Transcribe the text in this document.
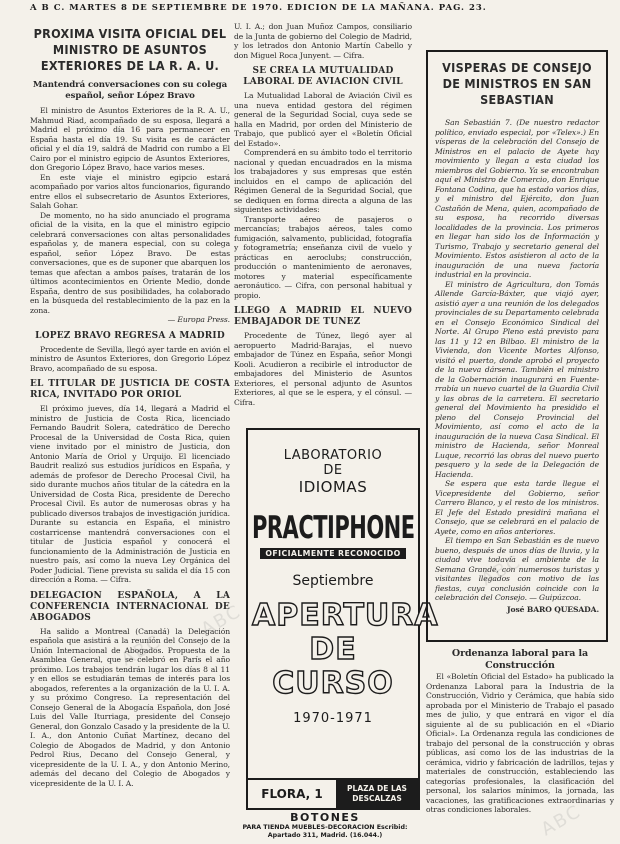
A B C. MARTES 8 DE SEPTIEMBRE DE 1970. EDICION DE LA MAÑANA. PAG. 23.
PROXIMA VISITA OFICIAL DEL MINISTRO DE ASUNTOS EXTERIORES DE LA R. A. U.
Mantendrá conversaciones con su colega español, señor López Bravo

El ministro de Asuntos Exteriores de la R. A. U., Mahmud Riad, acompañado de su esposa, llegará a Madrid el próximo día 16 para permanecer en España hasta el día 19. Su visita es de carácter oficial y el día 19, saldrá de Madrid con rumbo a El Cairo por el ministro egipcio de Asuntos Exteriores, don Gregorio López Bravo, hace varios meses.

En este viaje el ministro egipcio estará acompañado por varios altos funcionarios, figurando entre ellos el subsecretario de Asuntos Exteriores, Salah Gohar.

De momento, no ha sido anunciado el programa oficial de la visita, en la que el ministro egipcio celebrará conversaciones con altas personalidades españolas y, de manera especial, con su colega español, señor López Bravo. De estas conversaciones, que es de suponer que abarquen los temas que afectan a ambos países, tratarán de los últimos acontecimientos en Oriente Medio, donde España, dentro de sus posibilidades, ha colaborado en la búsqueda del restablecimiento de la paz en la zona.

— Europa Press.
LOPEZ BRAVO REGRESA A MADRID

Procedente de Sevilla, llegó ayer tarde en avión el ministro de Asuntos Exteriores, don Gregorio López Bravo, acompañado de su esposa.

EL TITULAR DE JUSTICIA DE COSTA RICA, INVITADO POR ORIOL

El próximo jueves, día 14, llegará a Madrid el ministro de Justicia de Costa Rica, licenciado Fernando Baudrit Solera, catedrático de Derecho Procesal de la Universidad de Costa Rica, quien viene invitado por el ministro de Justicia, don Antonio María de Oriol y Urquijo. El licenciado Baudrit realizó sus estudios jurídicos en España, y además de profesor de Derecho Procesal Civil, ha sido durante muchos años titular de la cátedra en la Universidad de Costa Rica, presidente de Derecho Procesal Civil. Es autor de numerosas obras y ha publicado diversos trabajos de investigación jurídica. Durante su estancia en España, el ministro costarricense mantendrá conversaciones con el titular de Justicia español y conocerá el funcionamiento de la Administración de Justicia en nuestro país, así como la nueva Ley Orgánica del Poder Judicial. Tiene prevista su salida el día 15 con dirección a Roma. — Cifra.

DELEGACION ESPAÑOLA, A LA CONFERENCIA INTERNACIONAL DE ABOGADOS

Ha salido a Montreal (Canadá) la Delegación española que asistirá a la reunión del Consejo de la Unión Internacional de Abogados. Propuesta de la Asamblea General, que se celebró en París el año próximo. Los trabajos tendrán lugar los días 8 al 11 y en ellos se estudiarán temas de interés para los abogados, referentes a la organización de la U. I. A. y su próximo Congreso. La representación del Consejo General de la Abogacía Española, don José Luis del Valle Iturriaga, presidente del Consejo General, don Gonzalo Casado y la presidente de la U. I. A., don Antonio Cuñat Martínez, decano del Colegio de Abogados de Madrid, y don Antonio Pedrol Rius, Decano del Consejo General, y vicepresidente de la U. I. A., y don Antonio Merino, además del decano del Colegio de Abogados y vicepresidente de la U. I. A.

U. I. A.; don Juan Muñoz Campos, consiliario de la Junta de gobierno del Colegio de Madrid, y los letrados don Antonio Martín Cabello y don Miguel Roca Junyent. — Cifra.

SE CREA LA MUTUALIDAD LABORAL DE AVIACION CIVIL

La Mutualidad Laboral de Aviación Civil es una nueva entidad gestora del régimen general de la Seguridad Social, cuya sede se halla en Madrid, por orden del Ministerio de Trabajo, que publicó ayer el «Boletín Oficial del Estado».

Comprenderá en su ámbito todo el territorio nacional y quedan encuadrados en la misma los trabajadores y sus empresas que estén incluidos en el campo de aplicación del Régimen General de la Seguridad Social, que se dediquen en forma directa a alguna de las siguientes actividades:

Transporte aéreo de pasajeros o mercancías; trabajos aéreos, tales como fumigación, salvamento, publicidad, fotografía y fotogrametría; enseñanza civil de vuelo y prácticas en aeroclubs; construcción, producción o mantenimiento de aeronaves, motores y material específicamente aeronáutico. — Cifra, con personal habitual y propio.

LLEGO A MADRID EL NUEVO EMBAJADOR DE TUNEZ

Procedente de Túnez, llegó ayer al aeropuerto Madrid-Barajas, el nuevo embajador de Túnez en España, señor Mongi Kooli. Acudieron a recibirle el introductor de embajadores del Ministerio de Asuntos Exteriores, el personal adjunto de Asuntos Exteriores, al que se le espera, y el cónsul. — Cifra.

LABORATORIO
DE
IDIOMAS
PRACTIPHONE
OFICIALMENTE RECONOCIDO
Septiembre
APERTURA
DE
CURSO
1970-1971
FLORA, 1	PLAZA DE LAS DESCALZAS
BOTONES
PARA TIENDA MUEBLES-DECORACION Escribid: Apartado 311, Madrid. (16.044.)
VISPERAS DE CONSEJO DE MINISTROS EN SAN SEBASTIAN

San Sebastián 7. (De nuestro redactor político, enviado especial, por «Telex».) En vísperas de la celebración del Consejo de Ministros en el palacio de Ayete hay movimiento y llegan a esta ciudad los miembros del Gobierno. Ya se encontraban aquí el Ministro de Comercio, don Enrique Fontana Codina, que ha estado varios días, y el ministro del Ejército, don Juan Castañón de Mena, quien, acompañado de su esposa, ha recorrido diversas localidades de la provincia. Los primeros en llegar han sido los de Información y Turismo, Trabajo y secretario general del Movimiento. Estos asistieron al acto de la inauguración de una nueva factoría industrial en la provincia.

El ministro de Agricultura, don Tomás Allende García-Báxter, que viajó ayer, asistió ayer a una reunión de los delegados provinciales de su Departamento celebrada en el Consejo Económico Sindical del Norte. Al Grupo Pleno está previsto para las 11 y 12 en Bilbao. El ministro de la Vivienda, don Vicente Mortes Alfonso, visitó el puerto, donde aprobó el proyecto de la nueva dársena. También el ministro de la Gobernación inaugurará en Fuente-rrabía un nuevo cuartel de la Guardia Civil y las obras de la carretera. El secretario general del Movimiento ha presidido el pleno del Consejo Provincial del Movimiento, así como el acto de la inauguración de la nueva Casa Sindical. El ministro de Hacienda, señor Monreal Luque, recorrió las obras del nuevo puerto pesquero y la sede de la Delegación de Hacienda.

Se espera que esta tarde llegue el Vicepresidente del Gobierno, señor Carrero Blanco, y el resto de los ministros. El Jefe del Estado presidirá mañana el Consejo, que se celebrará en el palacio de Ayete, como en años anteriores.

El tiempo en San Sebastián es de nuevo bueno, después de unos días de lluvia, y la ciudad vive todavía el ambiente de la Semana Grande, con numerosos turistas y visitantes llegados con motivo de las fiestas, cuya conclusión coincide con la celebración del Consejo. — Guipúzcoa.

José BARO QUESADA.
Ordenanza laboral para la Construcción

El «Boletín Oficial del Estado» ha publicado la Ordenanza Laboral para la Industria de la Construcción, Vidrio y Cerámica, que había sido aprobada por el Ministerio de Trabajo el pasado mes de julio, y que entrará en vigor el día siguiente al de su publicación en el «Diario Oficial». La Ordenanza regula las condiciones de trabajo del personal de la construcción y obras públicas, así como los de las industrias de la cerámica, vidrio y fabricación de ladrillos, tejas y materiales de construcción, estableciendo las categorías profesionales, la clasificación del personal, los salarios mínimos, la jornada, las vacaciones, las gratificaciones extraordinarias y otras condiciones laborales.

ABC
ABC
ABC
ABC
